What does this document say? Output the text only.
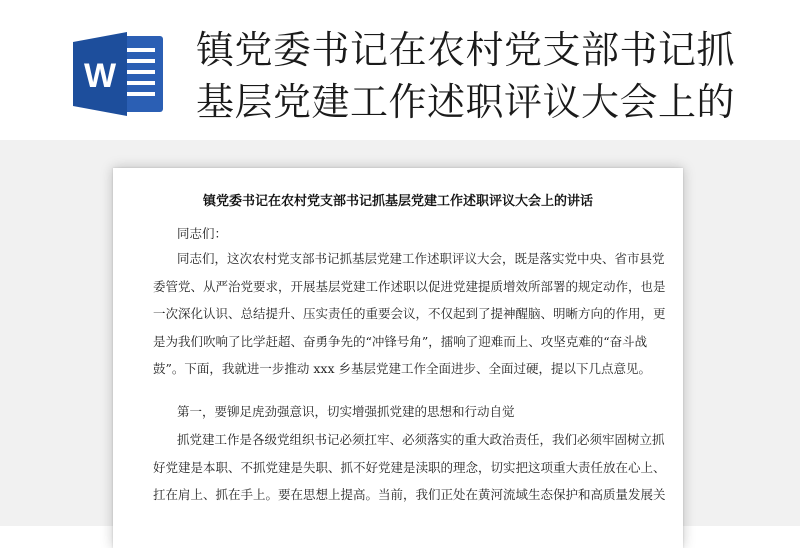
W
镇党委书记在农村党支部书记抓
基层党建工作述职评议大会上的
镇党委书记在农村党支部书记抓基层党建工作述职评议大会上的讲话
同志们：
同志们，这次农村党支部书记抓基层党建工作述职评议大会，既是落实党中央、省市县党
委管党、从严治党要求，开展基层党建工作述职以促进党建提质增效所部署的规定动作，也是
一次深化认识、总结提升、压实责任的重要会议，不仅起到了提神醒脑、明晰方向的作用，更
是为我们吹响了比学赶超、奋勇争先的“冲锋号角”，擂响了迎难而上、攻坚克难的“奋斗战
鼓”。下面，我就进一步推动 xxx 乡基层党建工作全面进步、全面过硬，提以下几点意见。
第一，要铆足虎劲强意识，切实增强抓党建的思想和行动自觉
抓党建工作是各级党组织书记必须扛牢、必须落实的重大政治责任，我们必须牢固树立抓
好党建是本职、不抓党建是失职、抓不好党建是渎职的理念，切实把这项重大责任放在心上、
扛在肩上、抓在手上。要在思想上提高。当前，我们正处在黄河流域生态保护和高质量发展关
